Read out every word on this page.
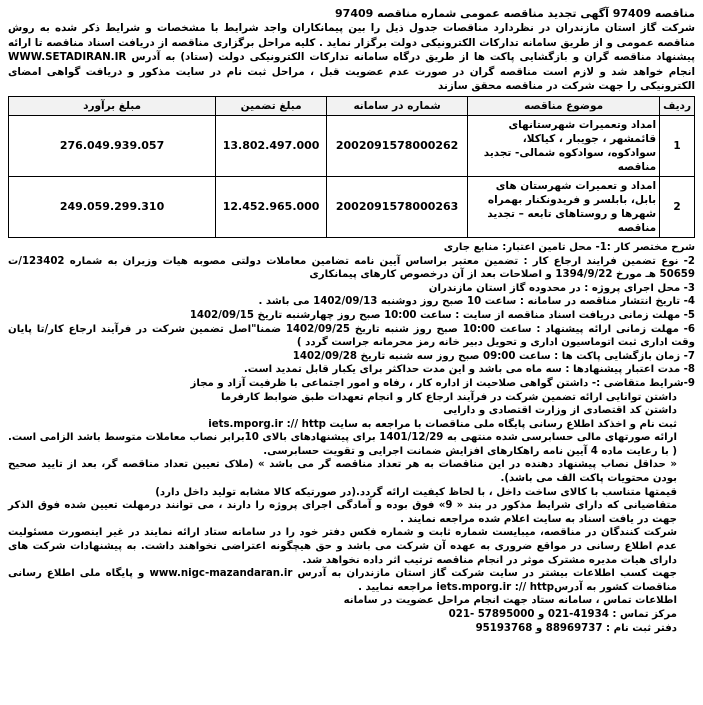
مناقصه 97409 آگهی تجدید مناقصه عمومی شماره مناقصه 97409

شرکت گاز استان مازندران در نظردارد مناقصات جدول ذیل را بین پیمانکاران واجد شرایط با مشخصات و شرایط ذکر شده به روش مناقصه عمومی و از طریق سامانه تدارکات الکترونیکی دولت برگزار نماید . کلیه مراحل برگزاری مناقصه از دریافت اسناد مناقصه تا ارائه پیشنهاد مناقصه گران و بازگشایی پاکت ها از طریق درگاه سامانه تدارکات الکترونیکی دولت (ستاد) به آدرس WWW.SETADIRAN.IR انجام خواهد شد و لازم است مناقصه گران در صورت عدم عضویت قبل ، مراحل ثبت نام در سایت مذکور و دریافت گواهی امضای الکترونیکی را جهت شرکت در مناقصه محقق سازند

ردیف	موضوع مناقصه	شماره در سامانه	مبلغ تضمین	مبلغ برآورد
1	امداد وتعمیرات شهرستانهای قائمشهر ، جویبار ، کیاکلا، سوادکوه، سوادکوه شمالی- تجدید مناقصه	2002091578000262	13.802.497.000	276.049.939.057
2	امداد و تعمیرات شهرستان های بابل، بابلسر و فریدونکنار بهمراه شهرها و روستاهای تابعه – تجدید مناقصه	2002091578000263	12.452.965.000	249.059.299.310
شرح مختصر کار :1- محل تامین اعتبار: منابع جاری
2- نوع تضمین فرایند ارجاع کار : تضمین معتبر براساس آیین نامه تضامین معاملات دولتی مصوبه هیات وزیران به شماره 123402/ت 50659 هـ مورخ 1394/9/22 و اصلاحات بعد از آن درخصوص کارهای پیمانکاری
3- محل اجرای پروژه : در محدوده گاز استان مازندران
4- تاریخ انتشار مناقصه در سامانه : ساعت 10 صبح روز دوشنبه 1402/09/13 می باشد .
5- مهلت زمانی دریافت اسناد مناقصه از سایت : ساعت 10:00 صبح روز چهارشنبه تاریخ 1402/09/15
6- مهلت زمانی ارائه پیشنهاد : ساعت 10:00 صبح روز شنبه تاریخ 1402/09/25 ضمنا"اصل تضمین شرکت در فرآیند ارجاع کار/تا پایان وقت اداری ثبت اتوماسیون اداری و تحویل دبیر خانه رمز محرمانه جراست گردد )
7- زمان بازگشایی پاکت ها : ساعت 09:00 صبح روز سه شنبه تاریخ 1402/09/28
8- مدت اعتبار پیشنهادها : سه ماه می باشد و این مدت حداکثر برای یکبار قابل تمدید است.
9-شرایط متقاضی :- داشتن گواهی صلاحیت از اداره کار ، رفاه و امور اجتماعی با ظرفیت آزاد و مجاز
داشتن توانایی ارائه تضمین شرکت در فرآیند ارجاع کار و انجام تعهدات طبق ضوابط کارفرما
داشتن کد اقتصادی از وزارت اقتصادی و دارایی
ثبت نام و اخذکد اطلاع رسانی پایگاه ملی مناقصات با مراجعه به سایت iets.mporg.ir :// http
ارائه صورتهای مالی حسابرسی شده منتهی به 1401/12/29 برای پیشنهادهای بالای 10برابر نصاب معاملات متوسط باشد الزامی است.( با رعایت ماده 4 آیین نامه راهکارهای افزایش ضمانت اجرایی و تقویت حسابرسی.
« حداقل نصاب پیشنهاد دهنده در این مناقصات به هر تعداد مناقصه گر می باشد » (ملاک تعیین تعداد مناقصه گر، بعد از تایید صحیح بودن محتویات پاکت الف می باشد).
قیمتها متناسب با کالای ساخت داخل ، با لحاظ کیفیت ارائه گردد.(در صورتیکه کالا مشابه تولید داخل دارد)
متقاضیانی که دارای شرایط مذکور در بند « 9» فوق بوده و آمادگی اجرای پروژه را دارند ، می توانند درمهلت تعیین شده فوق الذکر جهت در یافت اسناد به سایت اعلام شده مراجعه نمایند .
شرکت کنندگان در مناقصه، میبایست شماره ثابت و شماره فکس دفتر خود را در سامانه ستاد ارائه نمایند در غیر اینصورت مسئولیت عدم اطلاع رسانی در مواقع ضروری به عهده آن شرکت می باشد و حق هیچگونه اعتراضی نخواهند داشت. به پیشنهادات شرکت های دارای هیات مدیره مشترک موثر در انجام مناقصه ترتیب اثر داده نخواهد شد.
جهت کسب اطلاعات بیشتر در سایت شرکت گاز استان مازندران به آدرس www.nigc-mazandaran.ir و پایگاه ملی اطلاع رسانی مناقصات کشور به آدرسiets.mporg.ir :// http مراجعه نمایید .
اطلاعات تماس ، سامانه ستاد جهت انجام مراحل عضویت در سامانه
مرکز تماس : 41934-021 و 57895000 -021
دفتر ثبت نام : 88969737 و 95193768
